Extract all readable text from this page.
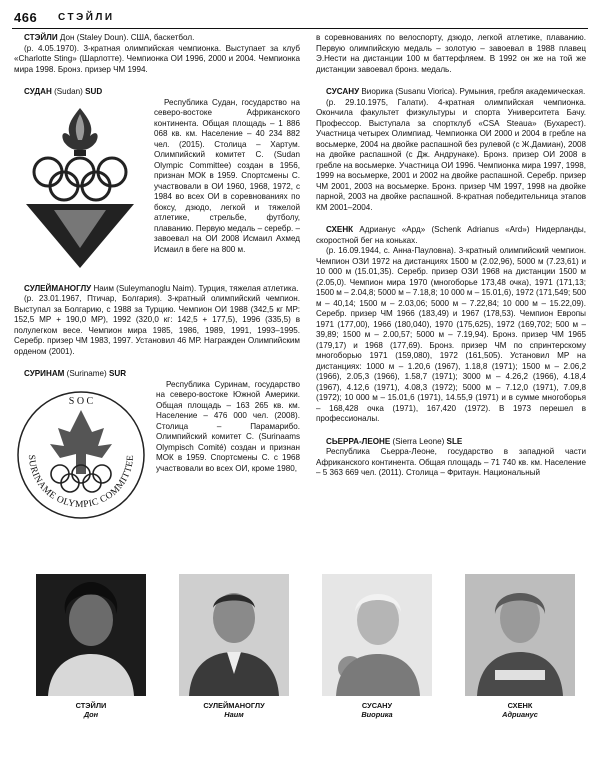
466 СТЭЙЛИ

СТЭЙЛИ Дон (Staley Doun). США, баскетбол.

(р. 4.05.1970). 3-кратная олимпийская чемпионка. Выступает за клуб «Charlotte Sting» (Шарлотте). Чемпионка ОИ 1996, 2000 и 2004. Чемпионка мира 1998. Бронз. призер ЧМ 1994.

СУДАН (Sudan) SUD

Республика Судан, государство на северо-востоке Африканского континента. Общая площадь – 1 886 068 кв. км. Население – 40 234 882 чел. (2015). Столица – Хартум. Олимпийский комитет С. (Sudan Olympic Committee) создан в 1956, признан МОК в 1959. Спортсмены С. участвовали в ОИ 1960, 1968, 1972, с 1984 во всех ОИ в соревнованиях по боксу, дзюдо, легкой и тяжелой атлетике, стрельбе, футболу, плаванию. Первую медаль – серебр. – завоевал на ОИ 2008 Исмаил Ахмед Исмаил в беге на 800 м.

СУЛЕЙМАНОГЛУ Наим (Suleymanoglu Naim). Турция, тяжелая атлетика.

(р. 23.01.1967, Птичар, Болгария). 3-кратный олимпийский чемпион. Выступал за Болгарию, с 1988 за Турцию. Чемпион ОИ 1988 (342,5 кг МР: 152,5 МР + 190,0 МР), 1992 (320,0 кг: 142,5 + 177,5), 1996 (335,5) в полулегком весе. Чемпион мира 1985, 1986, 1989, 1991, 1993–1995. Серебр. призер ЧМ 1983, 1997. Установил 46 МР. Награжден Олимпийским орденом (2001).

СУРИНАМ (Suriname) SUR

S O C
SURINAME OLYMPIC COMMITTEE

Республика Суринам, государство на северо-востоке Южной Америки. Общая площадь – 163 265 кв. км. Население – 476 000 чел. (2008). Столица – Парамарибо. Олимпийский комитет С. (Surinaams Olympisch Comité) создан и признан МОК в 1959. Спортсмены С. с 1968 участвовали во всех ОИ, кроме 1980,

в соревнованиях по велоспорту, дзюдо, легкой атлетике, плаванию. Первую олимпийскую медаль – золотую – завоевал в 1988 плавец Э.Нести на дистанции 100 м баттерфляем. В 1992 он же на той же дистанции завоевал бронз. медаль.

СУСАНУ Виорика (Susanu Viorica). Румыния, гребля академическая.

(р. 29.10.1975, Галати). 4-кратная олимпийская чемпионка. Окончила факультет физкультуры и спорта Университета Бачу. Профессор. Выступала за спортклуб «CSA Steaua» (Бухарест). Участница четырех Олимпиад. Чемпионка ОИ 2000 и 2004 в гребле на восьмерке, 2004 на двойке распашной без рулевой (с Ж.Дамиан), 2008 на двойке распашной (с Дж. Андрунаке). Бронз. призер ОИ 2008 в гребле на восьмерке. Участница ОИ 1996. Чемпионка мира 1997, 1998, 1999 на восьмерке, 2001 и 2002 на двойке распашной. Серебр. призер ЧМ 2001, 2003 на восьмерке. Бронз. призер ЧМ 1997, 1998 на двойке парной, 2003 на двойке распашной. 8-кратная победительница этапов КМ 2001–2004.

СХЕНК Адрианус «Ард» (Schenk Adrianus «Ard») Нидерланды, скоростной бег на коньках.

(р. 16.09.1944, с. Анна-Пауловна). 3-кратный олимпийский чемпион. Чемпион ОЗИ 1972 на дистанциях 1500 м (2.02,96), 5000 м (7.23,61) и 10 000 м (15.01,35). Серебр. призер ОЗИ 1968 на дистанции 1500 м (2.05,0). Чемпион мира 1970 (многоборье 173,48 очка), 1971 (171,13; 1500 м – 2.04,8; 5000 м – 7.18,8; 10 000 м – 15.01,6), 1972 (171,549; 500 м – 40,14; 1500 м – 2.03,06; 5000 м – 7.22,84; 10 000 м – 15.22,09). Серебр. призер ЧМ 1966 (183,49) и 1967 (178,53). Чемпион Европы 1971 (177,00), 1966 (180,040), 1970 (175,625), 1972 (169,702; 500 м – 39,89; 1500 м – 2.00,57; 5000 м – 7.19,94). Бронз. призер ЧМ 1965 (179,17) и 1968 (177,69). Бронз. призер ЧМ по спринтерскому многоборью 1971 (159,080), 1972 (161,505). Установил МР на дистанциях: 1000 м – 1.20,6 (1967), 1.18,8 (1971); 1500 м – 2.06,2 (1966), 2.05,3 (1966), 1.58,7 (1971); 3000 м – 4.26,2 (1966), 4.18,4 (1967), 4.12,6 (1971), 4.08,3 (1972); 5000 м – 7.12,0 (1971), 7.09,8 (1972); 10 000 м – 15.01,6 (1971), 14.55,9 (1971) и в сумме многоборья – 168,428 очка (1971), 167,420 (1972). В 1973 перешел в профессионалы.

СЬЕРРА-ЛЕОНЕ (Sierra Leone) SLE

Республика Сьерра-Леоне, государство в западной части Африканского континента. Общая площадь – 71 740 кв. км. Население – 5 363 669 чел. (2011). Столица – Фритаун. Национальный

СТЭЙЛИ
Дон
СУЛЕЙМАНОГЛУ
Наим
СУСАНУ
Виорика
СХЕНК
Адрианус
